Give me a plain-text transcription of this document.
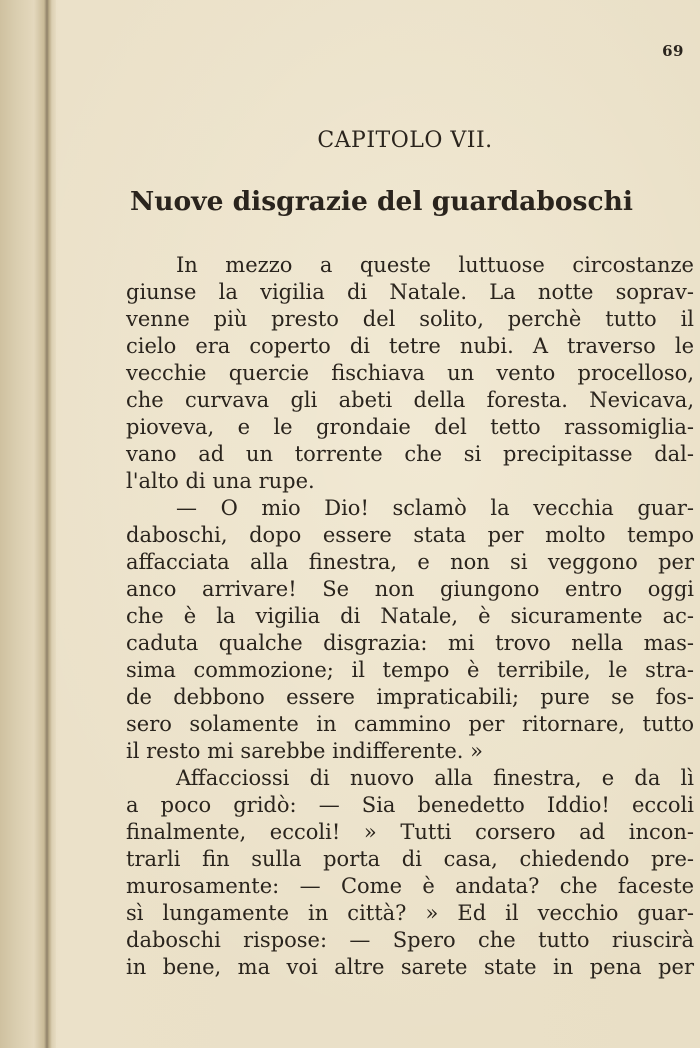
69
CAPITOLO VII.
Nuove disgrazie del guardaboschi
In mezzo a queste luttuose circostanze
giunse la vigilia di Natale. La notte soprav-
venne più presto del solito, perchè tutto il
cielo era coperto di tetre nubi. A traverso le
vecchie quercie fischiava un vento procelloso,
che curvava gli abeti della foresta. Nevicava,
pioveva, e le grondaie del tetto rassomiglia-
vano ad un torrente che si precipitasse dal-
l'alto di una rupe.
— O mio Dio! sclamò la vecchia guar-
daboschi, dopo essere stata per molto tempo
affacciata alla finestra, e non si veggono per
anco arrivare! Se non giungono entro oggi
che è la vigilia di Natale, è sicuramente ac-
caduta qualche disgrazia: mi trovo nella mas-
sima commozione; il tempo è terribile, le stra-
de debbono essere impraticabili; pure se fos-
sero solamente in cammino per ritornare, tutto
il resto mi sarebbe indifferente. »
Affacciossi di nuovo alla finestra, e da lì
a poco gridò: — Sia benedetto Iddio! eccoli
finalmente, eccoli! » Tutti corsero ad incon-
trarli fin sulla porta di casa, chiedendo pre-
murosamente: — Come è andata? che faceste
sì lungamente in città? » Ed il vecchio guar-
daboschi rispose: — Spero che tutto riuscirà
in bene, ma voi altre sarete state in pena per
